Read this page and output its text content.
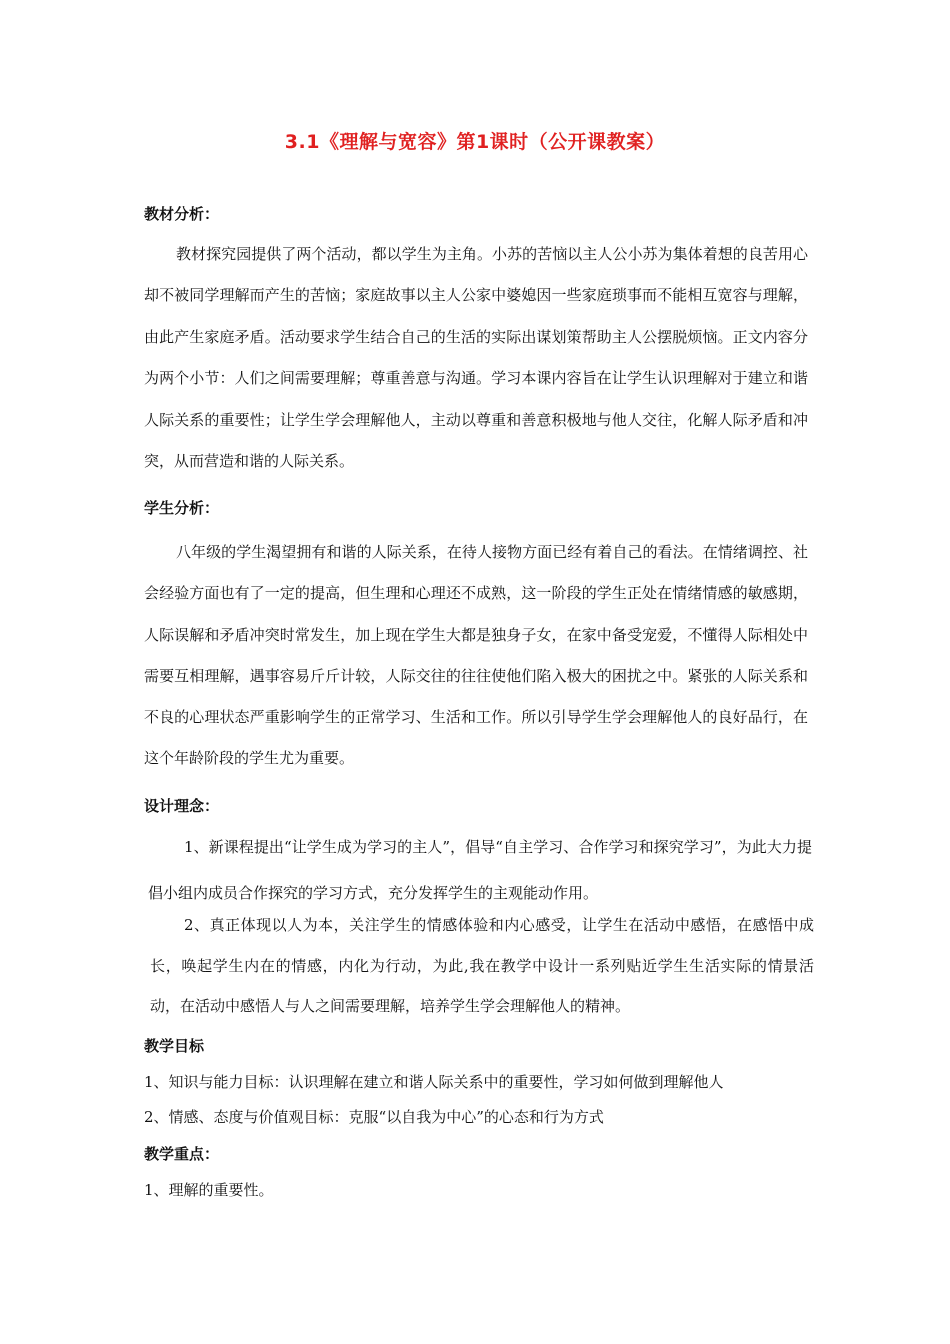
3.1《理解与宽容》第1课时（公开课教案）
教材分析：

教材探究园提供了两个活动，都以学生为主角。小苏的苦恼以主人公小苏为集体着想的良苦用心却不被同学理解而产生的苦恼；家庭故事以主人公家中婆媳因一些家庭琐事而不能相互宽容与理解，由此产生家庭矛盾。活动要求学生结合自己的生活的实际出谋划策帮助主人公摆脱烦恼。正文内容分为两个小节：人们之间需要理解；尊重善意与沟通。学习本课内容旨在让学生认识理解对于建立和谐人际关系的重要性；让学生学会理解他人，主动以尊重和善意积极地与他人交往，化解人际矛盾和冲突，从而营造和谐的人际关系。

学生分析：

八年级的学生渴望拥有和谐的人际关系，在待人接物方面已经有着自己的看法。在情绪调控、社会经验方面也有了一定的提高，但生理和心理还不成熟，这一阶段的学生正处在情绪情感的敏感期，人际误解和矛盾冲突时常发生，加上现在学生大都是独身子女，在家中备受宠爱，不懂得人际相处中需要互相理解，遇事容易斤斤计较，人际交往的往往使他们陷入极大的困扰之中。紧张的人际关系和不良的心理状态严重影响学生的正常学习、生活和工作。所以引导学生学会理解他人的良好品行，在这个年龄阶段的学生尤为重要。

设计理念：

1、新课程提出“让学生成为学习的主人”，倡导“自主学习、合作学习和探究学习”，为此大力提倡小组内成员合作探究的学习方式，充分发挥学生的主观能动作用。

2、真正体现以人为本，关注学生的情感体验和内心感受，让学生在活动中感悟，在感悟中成长，唤起学生内在的情感，内化为行动，为此,我在教学中设计一系列贴近学生生活实际的情景活动，在活动中感悟人与人之间需要理解，培养学生学会理解他人的精神。

教学目标
1、知识与能力目标：认识理解在建立和谐人际关系中的重要性，学习如何做到理解他人
2、情感、态度与价值观目标：克服“以自我为中心”的心态和行为方式
教学重点：
1、理解的重要性。
